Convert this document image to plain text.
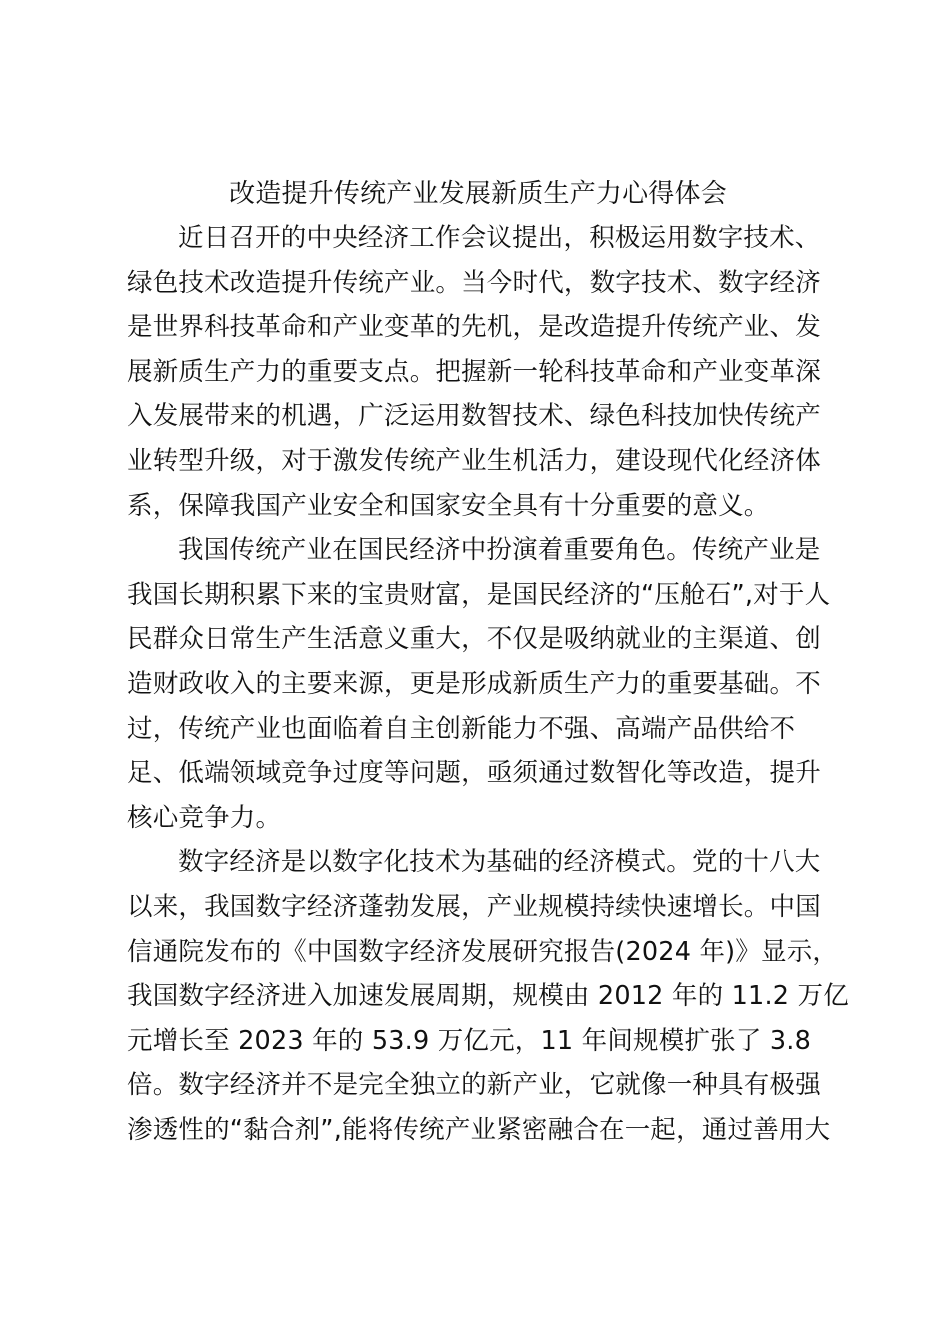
改造提升传统产业发展新质生产力心得体会
近日召开的中央经济工作会议提出，积极运用数字技术、
绿色技术改造提升传统产业。当今时代，数字技术、数字经济
是世界科技革命和产业变革的先机，是改造提升传统产业、发
展新质生产力的重要支点。把握新一轮科技革命和产业变革深
入发展带来的机遇，广泛运用数智技术、绿色科技加快传统产
业转型升级，对于激发传统产业生机活力，建设现代化经济体
系，保障我国产业安全和国家安全具有十分重要的意义。
我国传统产业在国民经济中扮演着重要角色。传统产业是
我国长期积累下来的宝贵财富，是国民经济的“压舱石”,对于人
民群众日常生产生活意义重大，不仅是吸纳就业的主渠道、创
造财政收入的主要来源，更是形成新质生产力的重要基础。不
过，传统产业也面临着自主创新能力不强、高端产品供给不
足、低端领域竞争过度等问题，亟须通过数智化等改造，提升
核心竞争力。
数字经济是以数字化技术为基础的经济模式。党的十八大
以来，我国数字经济蓬勃发展，产业规模持续快速增长。中国
信通院发布的《中国数字经济发展研究报告(2024 年)》显示，
我国数字经济进入加速发展周期，规模由 2012 年的 11.2 万亿
元增长至 2023 年的 53.9 万亿元，11 年间规模扩张了 3.8
倍。数字经济并不是完全独立的新产业，它就像一种具有极强
渗透性的“黏合剂”,能将传统产业紧密融合在一起，通过善用大
